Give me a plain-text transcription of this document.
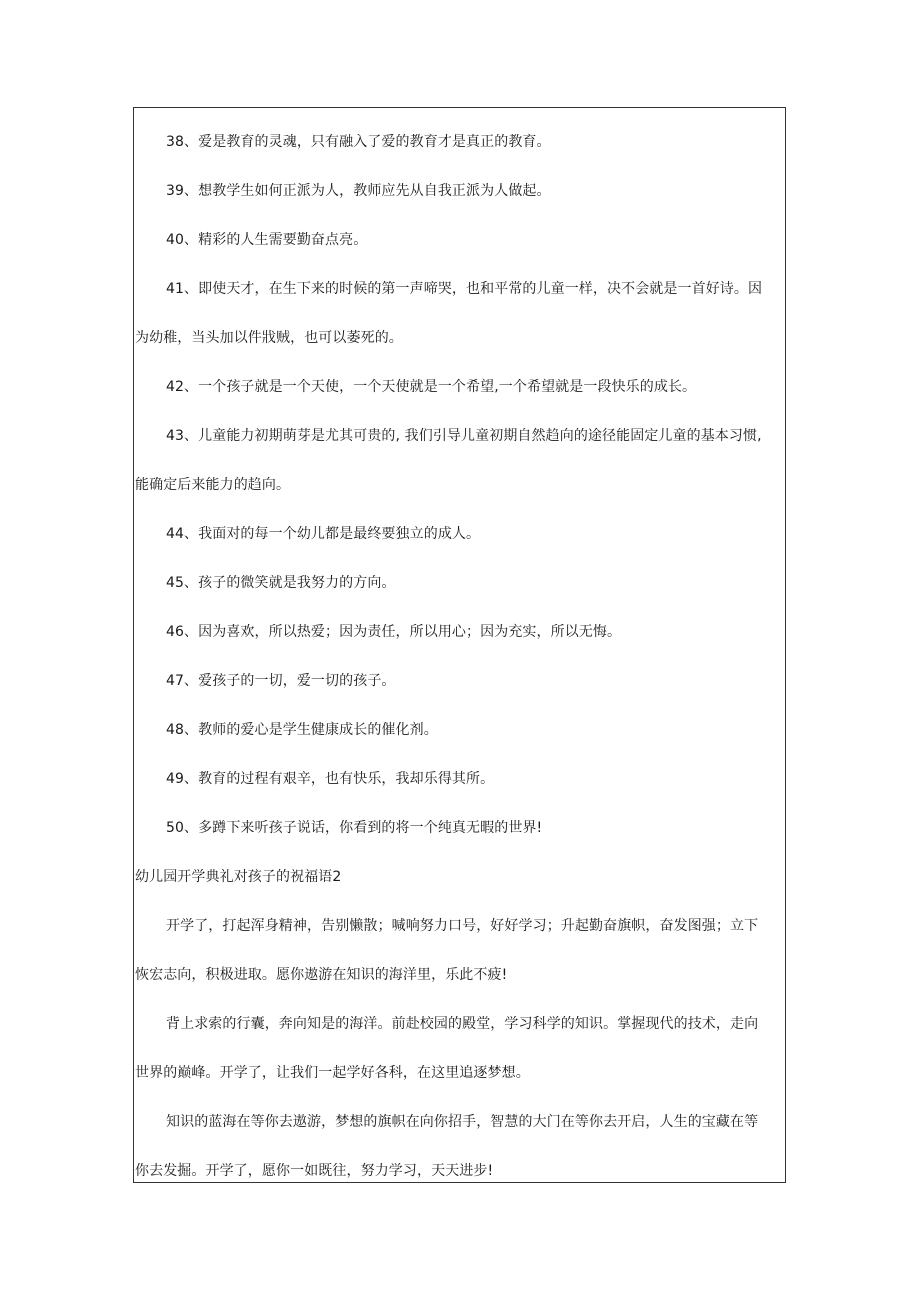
38、爱是教育的灵魂，只有融入了爱的教育才是真正的教育。
39、想教学生如何正派为人，教师应先从自我正派为人做起。
40、精彩的人生需要勤奋点亮。
41、即使天才，在生下来的时候的第一声啼哭，也和平常的儿童一样，决不会就是一首好诗。因
为幼稚，当头加以件戕贼，也可以萎死的。
42、一个孩子就是一个天使，一个天使就是一个希望,一个希望就是一段快乐的成长。
43、儿童能力初期萌芽是尤其可贵的, 我们引导儿童初期自然趋向的途径能固定儿童的基本习惯,
能确定后来能力的趋向。
44、我面对的每一个幼儿都是最终要独立的成人。
45、孩子的微笑就是我努力的方向。
46、因为喜欢，所以热爱；因为责任，所以用心；因为充实，所以无悔。
47、爱孩子的一切，爱一切的孩子。
48、教师的爱心是学生健康成长的催化剂。
49、教育的过程有艰辛，也有快乐，我却乐得其所。
50、多蹲下来听孩子说话，你看到的将一个纯真无暇的世界!
幼儿园开学典礼对孩子的祝福语2
开学了，打起浑身精神，告别懒散；喊响努力口号，好好学习；升起勤奋旗帜，奋发图强；立下
恢宏志向，积极进取。愿你遨游在知识的海洋里，乐此不疲!
背上求索的行囊，奔向知是的海洋。前赴校园的殿堂，学习科学的知识。掌握现代的技术，走向
世界的巅峰。开学了，让我们一起学好各科，在这里追逐梦想。
知识的蓝海在等你去遨游，梦想的旗帜在向你招手，智慧的大门在等你去开启，人生的宝藏在等
你去发掘。开学了，愿你一如既往，努力学习，天天进步!
